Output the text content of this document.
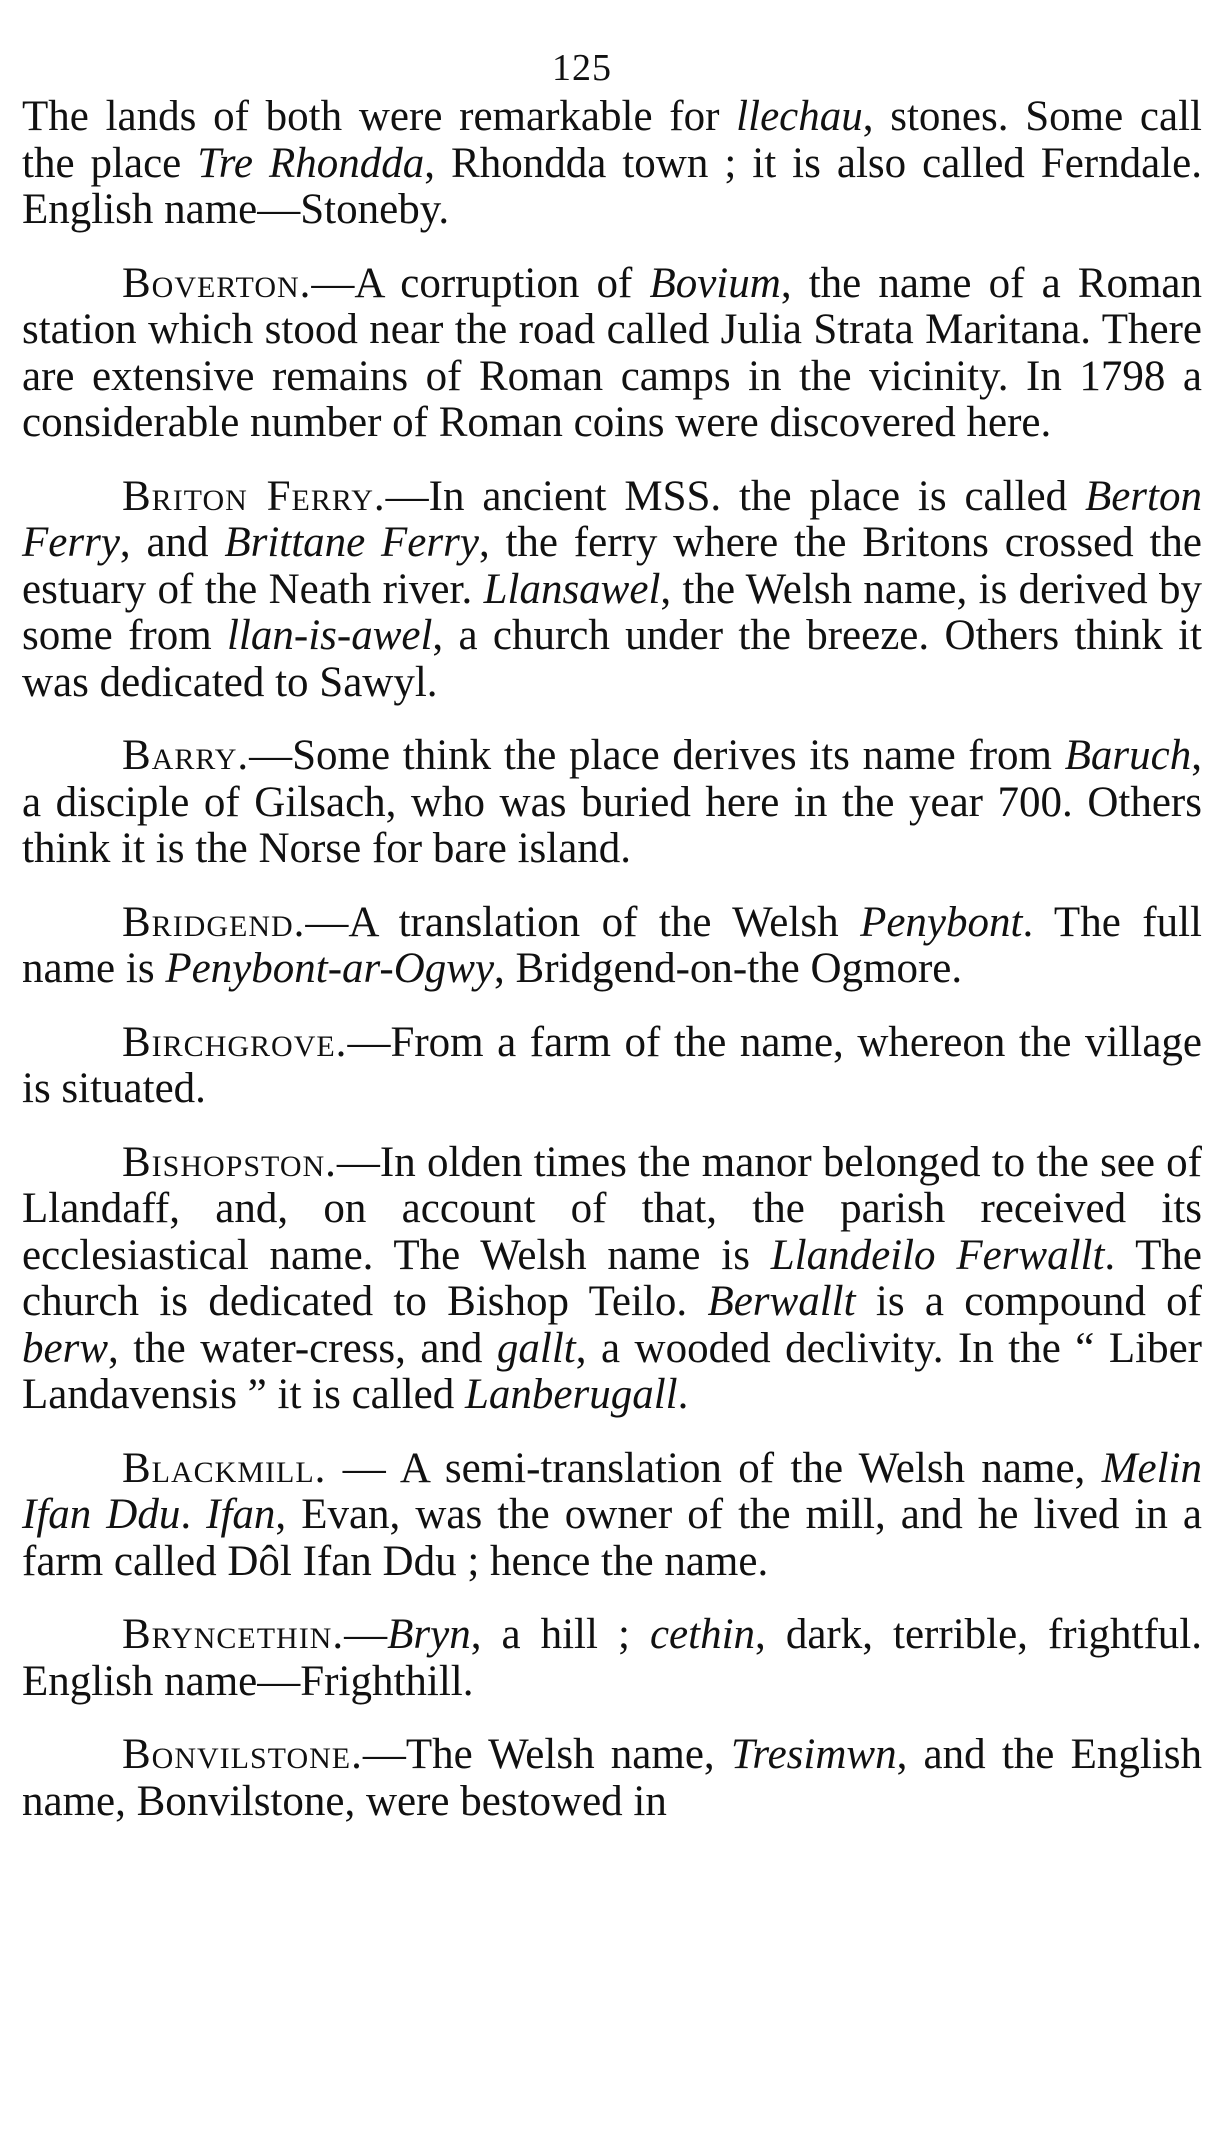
125

The lands of both were remarkable for llechau, stones. Some call the place Tre Rhondda, Rhondda town ; it is also called Ferndale. English name—Stoneby.

Boverton.—A corruption of Bovium, the name of a Roman station which stood near the road called Julia Strata Maritana. There are extensive remains of Roman camps in the vicinity. In 1798 a considerable number of Roman coins were discovered here.

Briton Ferry.—In ancient MSS. the place is called Berton Ferry, and Brittane Ferry, the ferry where the Britons crossed the estuary of the Neath river. Llansawel, the Welsh name, is derived by some from llan-is-awel, a church under the breeze. Others think it was dedicated to Sawyl.

Barry.—Some think the place derives its name from Baruch, a disciple of Gilsach, who was buried here in the year 700. Others think it is the Norse for bare island.

Bridgend.—A translation of the Welsh Penybont. The full name is Penybont-ar-Ogwy, Bridgend-on-the Ogmore.

Birchgrove.—From a farm of the name, whereon the village is situated.

Bishopston.—In olden times the manor belonged to the see of Llandaff, and, on account of that, the parish received its ecclesiastical name. The Welsh name is Llandeilo Ferwallt. The church is dedicated to Bishop Teilo. Berwallt is a compound of berw, the water-cress, and gallt, a wooded declivity. In the “ Liber Landavensis ” it is called Lanberugall.

Blackmill. — A semi-translation of the Welsh name, Melin Ifan Ddu. Ifan, Evan, was the owner of the mill, and he lived in a farm called Dôl Ifan Ddu ; hence the name.

Bryncethin.—Bryn, a hill ; cethin, dark, terrible, frightful. English name—Frighthill.

Bonvilstone.—The Welsh name, Tresimwn, and the English name, Bonvilstone, were bestowed in
